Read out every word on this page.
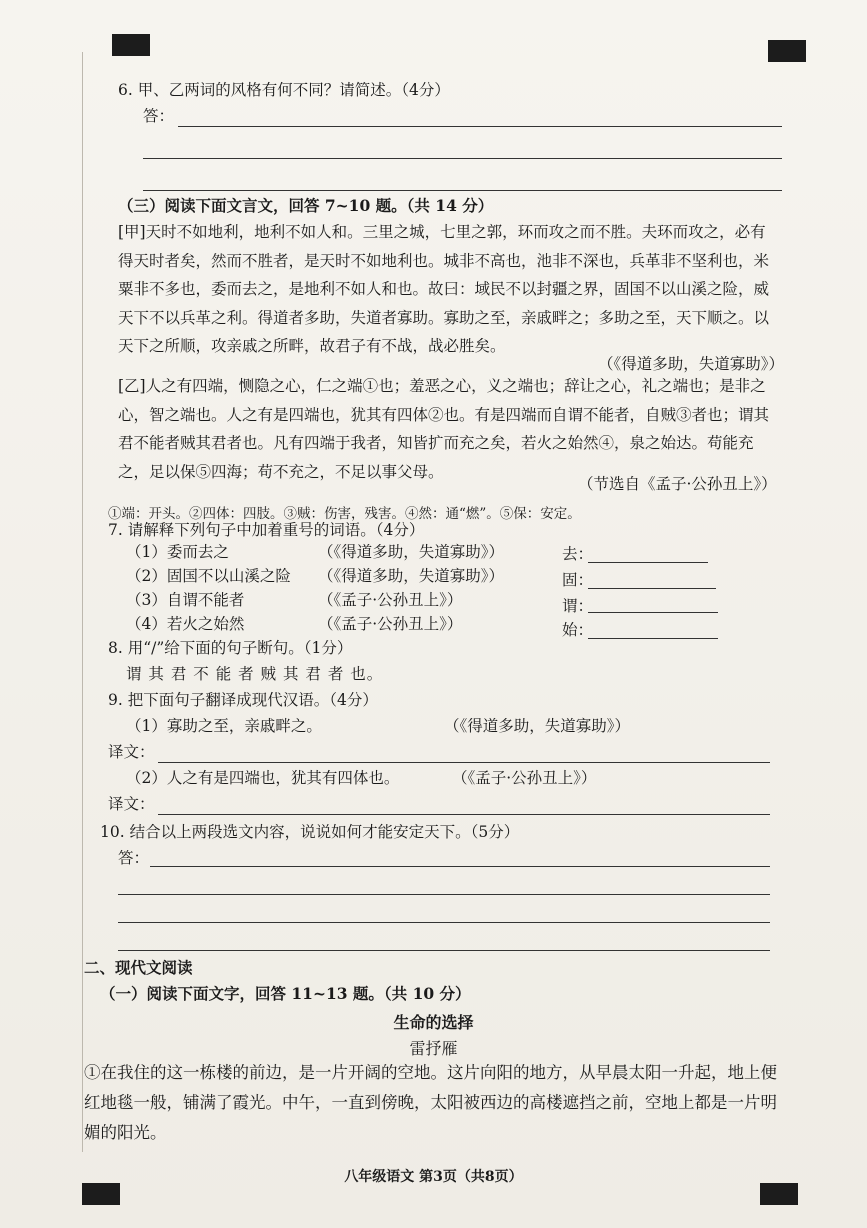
6. 甲、乙两词的风格有何不同？请简述。（4分）
答：
（三）阅读下面文言文，回答 7~10 题。（共 14 分）
[甲]天时不如地利，地利不如人和。三里之城，七里之郭，环而攻之而不胜。夫环而攻之，必有得天时者矣，然而不胜者，是天时不如地利也。城非不高也，池非不深也，兵革非不坚利也，米粟非不多也，委而去之，是地利不如人和也。故曰：域民不以封疆之界，固国不以山溪之险，威天下不以兵革之利。得道者多助，失道者寡助。寡助之至，亲戚畔之；多助之至，天下顺之。以天下之所顺，攻亲戚之所畔，故君子有不战，战必胜矣。
（《得道多助，失道寡助》）
[乙]人之有四端，恻隐之心，仁之端①也；羞恶之心，义之端也；辞让之心，礼之端也；是非之心，智之端也。人之有是四端也，犹其有四体②也。有是四端而自谓不能者，自贼③者也；谓其君不能者贼其君者也。凡有四端于我者，知皆扩而充之矣，若火之始然④，泉之始达。苟能充之，足以保⑤四海；苟不充之，不足以事父母。
（节选自《孟子·公孙丑上》）
①端：开头。②四体：四肢。③贼：伤害，残害。④然：通“燃”。⑤保：安定。
7. 请解释下列句子中加着重号的词语。（4分）
（1）委而去之	（《得道多助，失道寡助》）	去：
（2）固国不以山溪之险 （《得道多助，失道寡助》）	固：
（3）自谓不能者	（《孟子·公孙丑上》）	谓：
（4）若火之始然	（《孟子·公孙丑上》）	始：
8. 用“/”给下面的句子断句。（1分）
谓 其 君 不 能 者 贼 其 君 者 也。
9. 把下面句子翻译成现代汉语。（4分）
（1）寡助之至，亲戚畔之。	（《得道多助，失道寡助》）
译文：
（2）人之有是四端也，犹其有四体也。	（《孟子·公孙丑上》）
译文：
10. 结合以上两段选文内容，说说如何才能安定天下。（5分）
答：
二、现代文阅读
（一）阅读下面文字，回答 11~13 题。（共 10 分）
生命的选择
雷抒雁
①在我住的这一栋楼的前边，是一片开阔的空地。这片向阳的地方，从早晨太阳一升起，地上便红地毯一般，铺满了霞光。中午，一直到傍晚，太阳被西边的高楼遮挡之前，空地上都是一片明媚的阳光。
八年级语文 第3页（共8页）
